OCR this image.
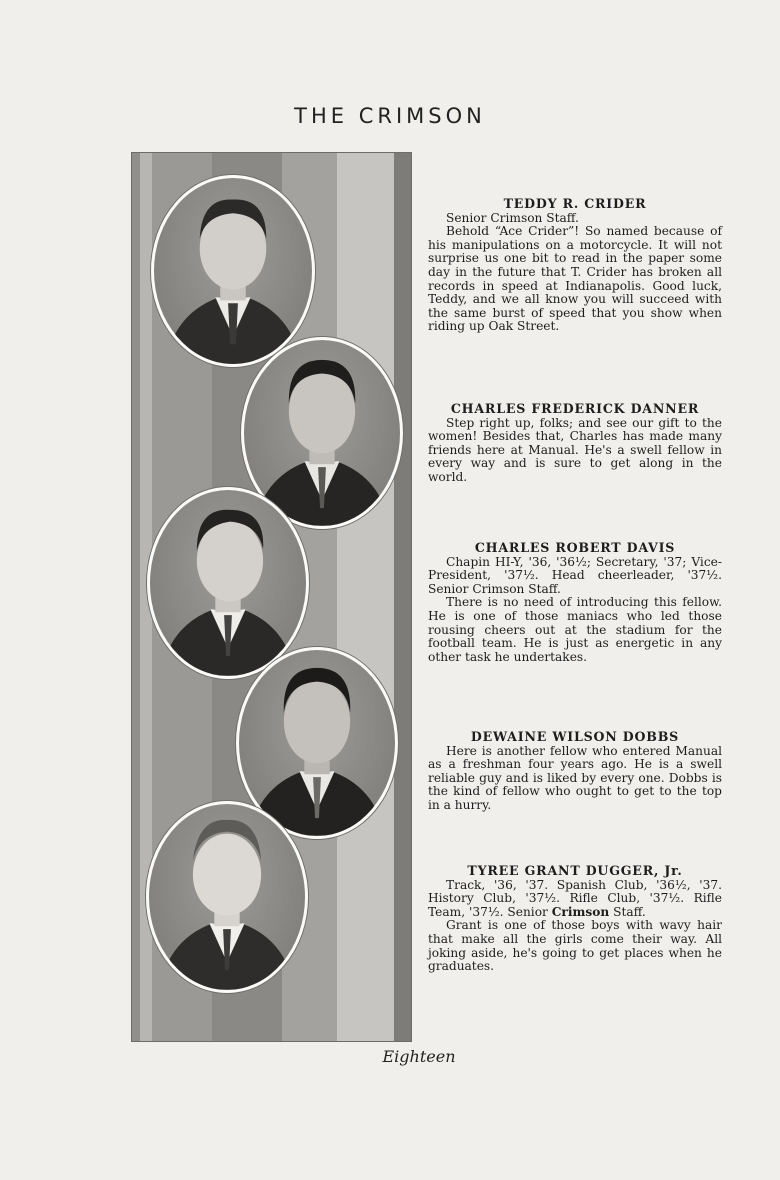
THE CRIMSON
TEDDY R. CRIDER

Senior Crimson Staff.

Behold “Ace Crider”! So named because of his manipulations on a motorcycle. It will not surprise us one bit to read in the paper some day in the future that T. Crider has broken all records in speed at Indianapolis. Good luck, Teddy, and we all know you will succeed with the same burst of speed that you show when riding up Oak Street.

CHARLES FREDERICK DANNER

Step right up, folks; and see our gift to the women! Besides that, Charles has made many friends here at Manual. He's a swell fellow in every way and is sure to get along in the world.

CHARLES ROBERT DAVIS

Chapin HI-Y, '36, '36½; Secretary, '37; Vice-President, '37½. Head cheerleader, '37½. Senior Crimson Staff.

There is no need of introducing this fellow. He is one of those maniacs who led those rousing cheers out at the stadium for the football team. He is just as energetic in any other task he undertakes.

DEWAINE WILSON DOBBS

Here is another fellow who entered Manual as a freshman four years ago. He is a swell reliable guy and is liked by every one. Dobbs is the kind of fellow who ought to get to the top in a hurry.

TYREE GRANT DUGGER, Jr.

Track, '36, '37. Spanish Club, '36½, '37. History Club, '37½. Rifle Club, '37½. Rifle Team, '37½. Senior Crimson Staff.

Grant is one of those boys with wavy hair that make all the girls come their way. All joking aside, he's going to get places when he graduates.

Eighteen
